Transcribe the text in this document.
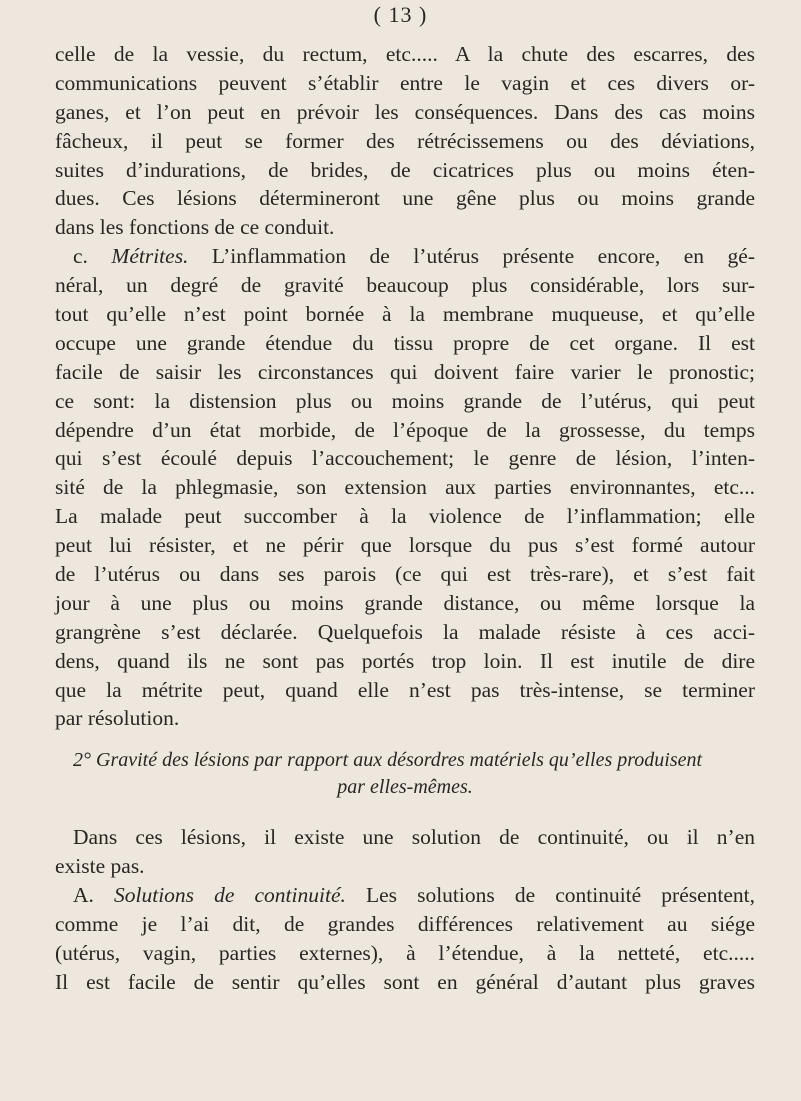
( 13 )
celle de la vessie, du rectum, etc..... A la chute des escarres, des
communications peuvent s’établir entre le vagin et ces divers or-
ganes, et l’on peut en prévoir les conséquences. Dans des cas moins
fâcheux, il peut se former des rétrécissemens ou des déviations,
suites d’indurations, de brides, de cicatrices plus ou moins éten-
dues. Ces lésions détermineront une gêne plus ou moins grande
dans les fonctions de ce conduit.
c. Métrites. L’inflammation de l’utérus présente encore, en gé-
néral, un degré de gravité beaucoup plus considérable, lors sur-
tout qu’elle n’est point bornée à la membrane muqueuse, et qu’elle
occupe une grande étendue du tissu propre de cet organe. Il est
facile de saisir les circonstances qui doivent faire varier le pronostic;
ce sont: la distension plus ou moins grande de l’utérus, qui peut
dépendre d’un état morbide, de l’époque de la grossesse, du temps
qui s’est écoulé depuis l’accouchement; le genre de lésion, l’inten-
sité de la phlegmasie, son extension aux parties environnantes, etc...
La malade peut succomber à la violence de l’inflammation; elle
peut lui résister, et ne périr que lorsque du pus s’est formé autour
de l’utérus ou dans ses parois (ce qui est très-rare), et s’est fait
jour à une plus ou moins grande distance, ou même lorsque la
grangrène s’est déclarée. Quelquefois la malade résiste à ces acci-
dens, quand ils ne sont pas portés trop loin. Il est inutile de dire
que la métrite peut, quand elle n’est pas très-intense, se terminer
par résolution.
2° Gravité des lésions par rapport aux désordres matériels qu’elles produisent
par elles-mêmes.
Dans ces lésions, il existe une solution de continuité, ou il n’en
existe pas.
A. Solutions de continuité. Les solutions de continuité présentent,
comme je l’ai dit, de grandes différences relativement au siége
(utérus, vagin, parties externes), à l’étendue, à la netteté, etc.....
Il est facile de sentir qu’elles sont en général d’autant plus graves
